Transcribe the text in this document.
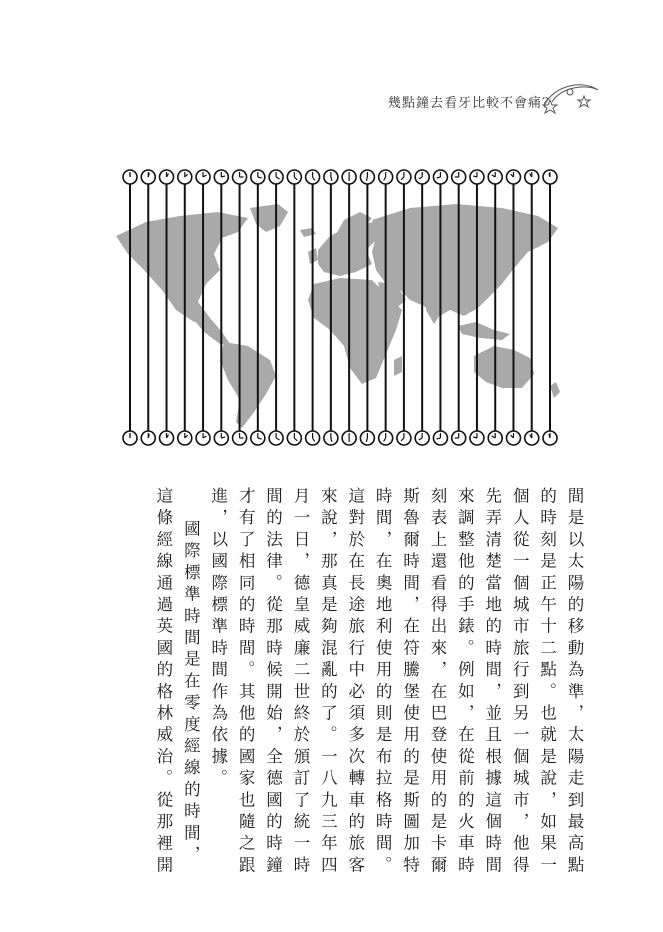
幾點鐘去看牙比較不會痛？

間是以太陽的移動為準，太陽走到最高點的時刻是正午十二點。也就是說，如果一個人從一個城市旅行到另一個城市，他得先弄清楚當地的時間，並且根據這個時間來調整他的手錶。例如，在從前的火車時刻表上還看得出來，在巴登使用的是卡爾斯魯爾時間，在符騰堡使用的是斯圖加特時間，在奧地利使用的則是布拉格時間。這對於在長途旅行中必須多次轉車的旅客來說，那真是夠混亂的了。一八九三年四月一日，德皇威廉二世終於頒訂了統一時間的法律。從那時候開始，全德國的時鐘才有了相同的時間。其他的國家也隨之跟進，以國際標準時間作為依據。

國際標準時間是在零度經線的時間，這條經線通過英國的格林威治。從那裡開
